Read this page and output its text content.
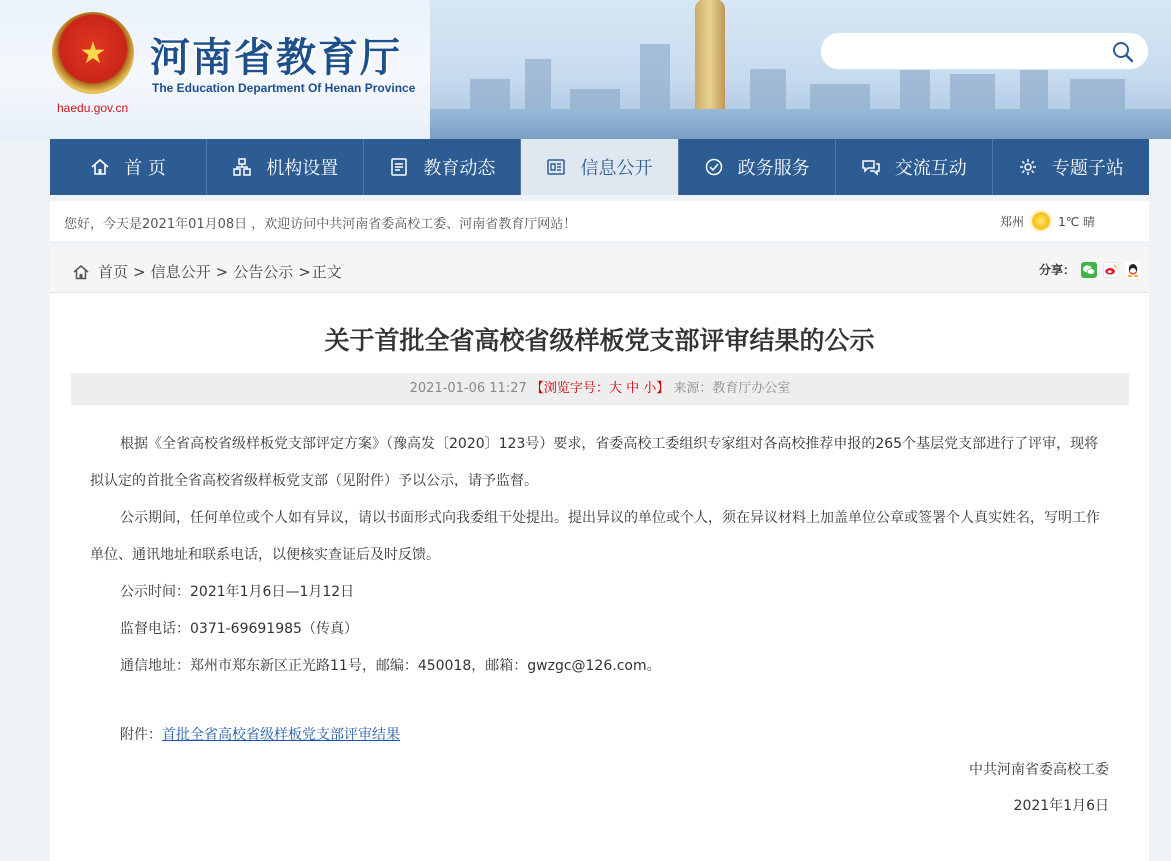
★
haedu.gov.cn
河南省教育厅
The Education Department Of Henan Province
首 页	机构设置	教育动态	信息公开	政务服务	交流互动	专题子站
您好，今天是2021年01月08日 ，欢迎访问中共河南省委高校工委、河南省教育厅网站！	郑州	1℃ 晴
首页 > 信息公开 > 公告公示 > 正文	分享：
关于首批全省高校省级样板党支部评审结果的公示
2021-01-06 11:27 【浏览字号：大 中 小】 来源：教育厅办公室

根据《全省高校省级样板党支部评定方案》（豫高发〔2020〕123号）要求，省委高校工委组织专家组对各高校推荐申报的265个基层党支部进行了评审，现将拟认定的首批全省高校省级样板党支部（见附件）予以公示，请予监督。

公示期间，任何单位或个人如有异议，请以书面形式向我委组干处提出。提出异议的单位或个人，须在异议材料上加盖单位公章或签署个人真实姓名，写明工作单位、通讯地址和联系电话，以便核实查证后及时反馈。

公示时间：2021年1月6日—1月12日

监督电话：0371-69691985（传真）

通信地址：郑州市郑东新区正光路11号，邮编：450018，邮箱：gwzgc@126.com。

附件：首批全省高校省级样板党支部评审结果

中共河南省委高校工委
2021年1月6日
